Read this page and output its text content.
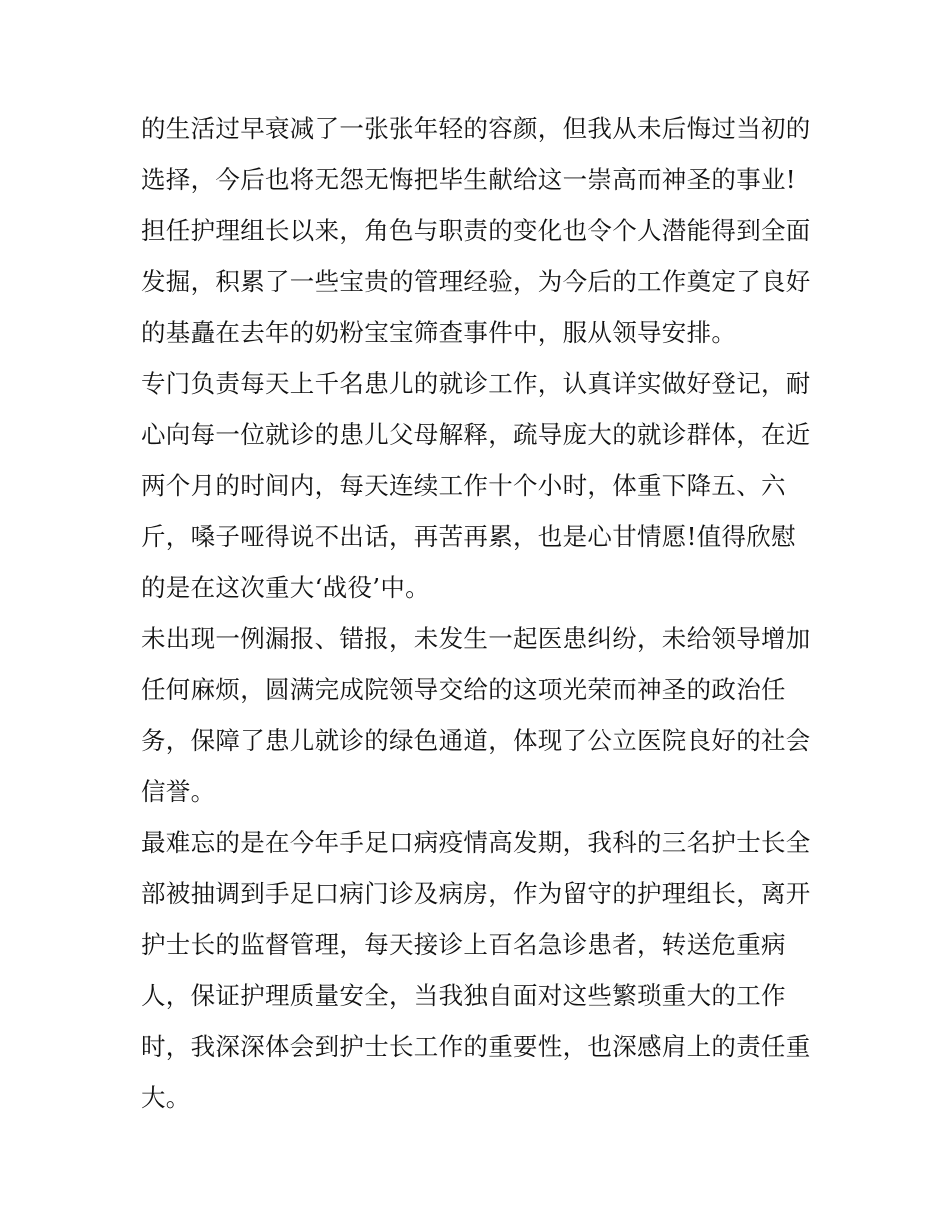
的生活过早衰减了一张张年轻的容颜，但我从未后悔过当初的
选择，今后也将无怨无悔把毕生献给这一崇高而神圣的事业!
担任护理组长以来，角色与职责的变化也令个人潜能得到全面
发掘，积累了一些宝贵的管理经验，为今后的工作奠定了良好
的基矗在去年的奶粉宝宝筛查事件中，服从领导安排。
专门负责每天上千名患儿的就诊工作，认真详实做好登记，耐
心向每一位就诊的患儿父母解释，疏导庞大的就诊群体，在近
两个月的时间内，每天连续工作十个小时，体重下降五、六
斤，嗓子哑得说不出话，再苦再累，也是心甘情愿!值得欣慰
的是在这次重大‘战役’中。
未出现一例漏报、错报，未发生一起医患纠纷，未给领导增加
任何麻烦，圆满完成院领导交给的这项光荣而神圣的政治任
务，保障了患儿就诊的绿色通道，体现了公立医院良好的社会
信誉。
最难忘的是在今年手足口病疫情高发期，我科的三名护士长全
部被抽调到手足口病门诊及病房，作为留守的护理组长，离开
护士长的监督管理，每天接诊上百名急诊患者，转送危重病
人，保证护理质量安全，当我独自面对这些繁琐重大的工作
时，我深深体会到护士长工作的重要性，也深感肩上的责任重
大。
